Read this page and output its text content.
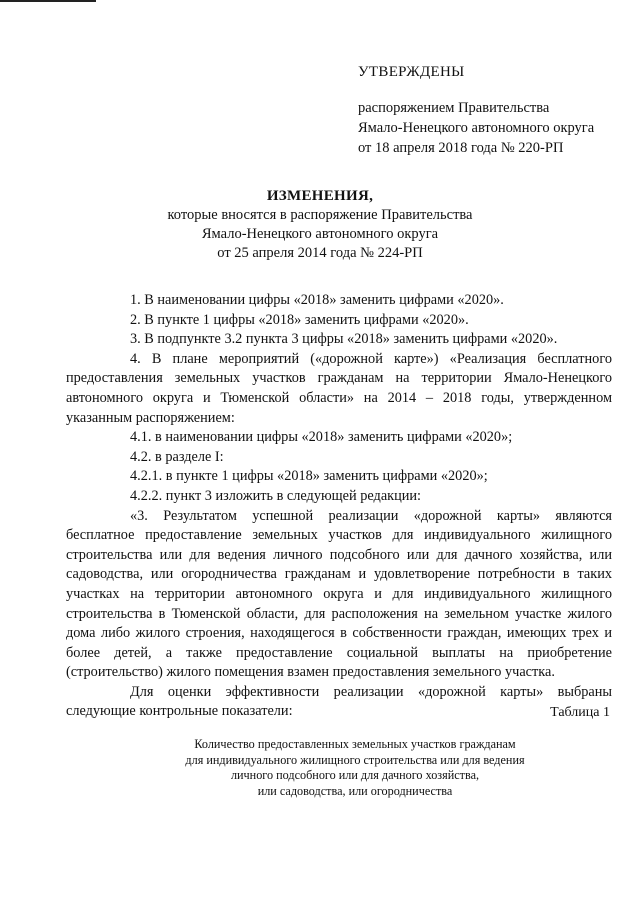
УТВЕРЖДЕНЫ
распоряжением Правительства
Ямало-Ненецкого автономного округа
от 18 апреля 2018 года № 220-РП
ИЗМЕНЕНИЯ,
которые вносятся в распоряжение Правительства
Ямало-Ненецкого автономного округа
от 25 апреля 2014 года № 224-РП

1. В наименовании цифры «2018» заменить цифрами «2020».

2. В пункте 1 цифры «2018» заменить цифрами «2020».

3. В подпункте 3.2 пункта 3 цифры «2018» заменить цифрами «2020».

4. В плане мероприятий («дорожной карте») «Реализация бесплатного предоставления земельных участков гражданам на территории Ямало-Ненецкого автономного округа и Тюменской области» на 2014 – 2018 годы, утвержденном указанным распоряжением:

4.1. в наименовании цифры «2018» заменить цифрами «2020»;

4.2. в разделе I:

4.2.1. в пункте 1 цифры «2018» заменить цифрами «2020»;

4.2.2. пункт 3 изложить в следующей редакции:

«3. Результатом успешной реализации «дорожной карты» являются бесплатное предоставление земельных участков для индивидуального жилищного строительства или для ведения личного подсобного или для дачного хозяйства, или садоводства, или огородничества гражданам и удовлетворение потребности в таких участках на территории автономного округа и для индивидуального жилищного строительства в Тюменской области, для расположения на земельном участке жилого дома либо жилого строения, находящегося в собственности граждан, имеющих трех и более детей, а также предоставление социальной выплаты на приобретение (строительство) жилого помещения взамен предоставления земельного участка.

Для оценки эффективности реализации «дорожной карты» выбраны следующие контрольные показатели:	Таблица 1
Количество предоставленных земельных участков гражданам
для индивидуального жилищного строительства или для ведения
личного подсобного или для дачного хозяйства,
или садоводства, или огородничества
